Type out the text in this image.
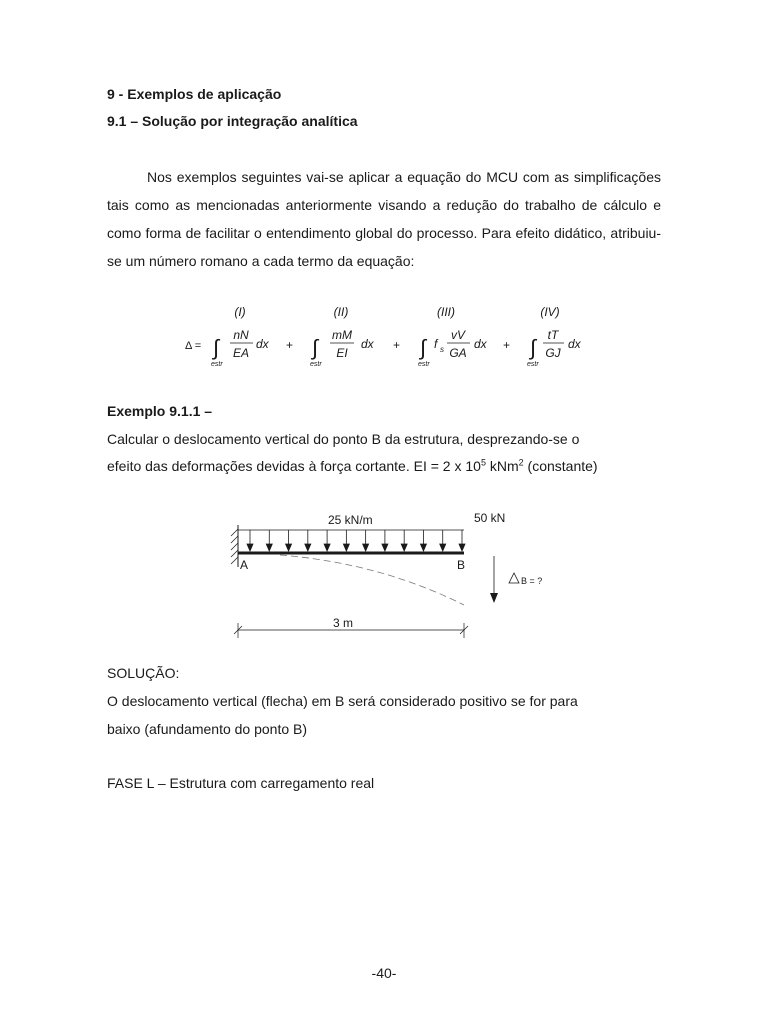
9 - Exemplos de aplicação
9.1 – Solução por integração analítica
Nos exemplos seguintes vai-se aplicar a equação do MCU com as simplificações tais como as mencionadas anteriormente visando a redução do trabalho de cálculo e como forma de facilitar o entendimento global do processo. Para efeito didático, atribuiu-se um número romano a cada termo da equação:
(I)	(II)	(III)	(IV)
Δ = ∫
estr
nN
EA
dx + ∫
estr
mM
EI
dx + ∫
estr
f s
vV
GA
dx + ∫
estr
tT
GJ
dx
Exemplo 9.1.1 –
Calcular o deslocamento vertical do ponto B da estrutura, desprezando-se o
efeito das deformações devidas à força cortante. EI = 2 x $10^5$ kNm$^2$ (constante)
25 kN/m	50 kN
A	B
B = ?
3 m
SOLUÇÃO:
O deslocamento vertical (flecha) em B será considerado positivo se for para
baixo (afundamento do ponto B)
FASE L – Estrutura com carregamento real
-40-
